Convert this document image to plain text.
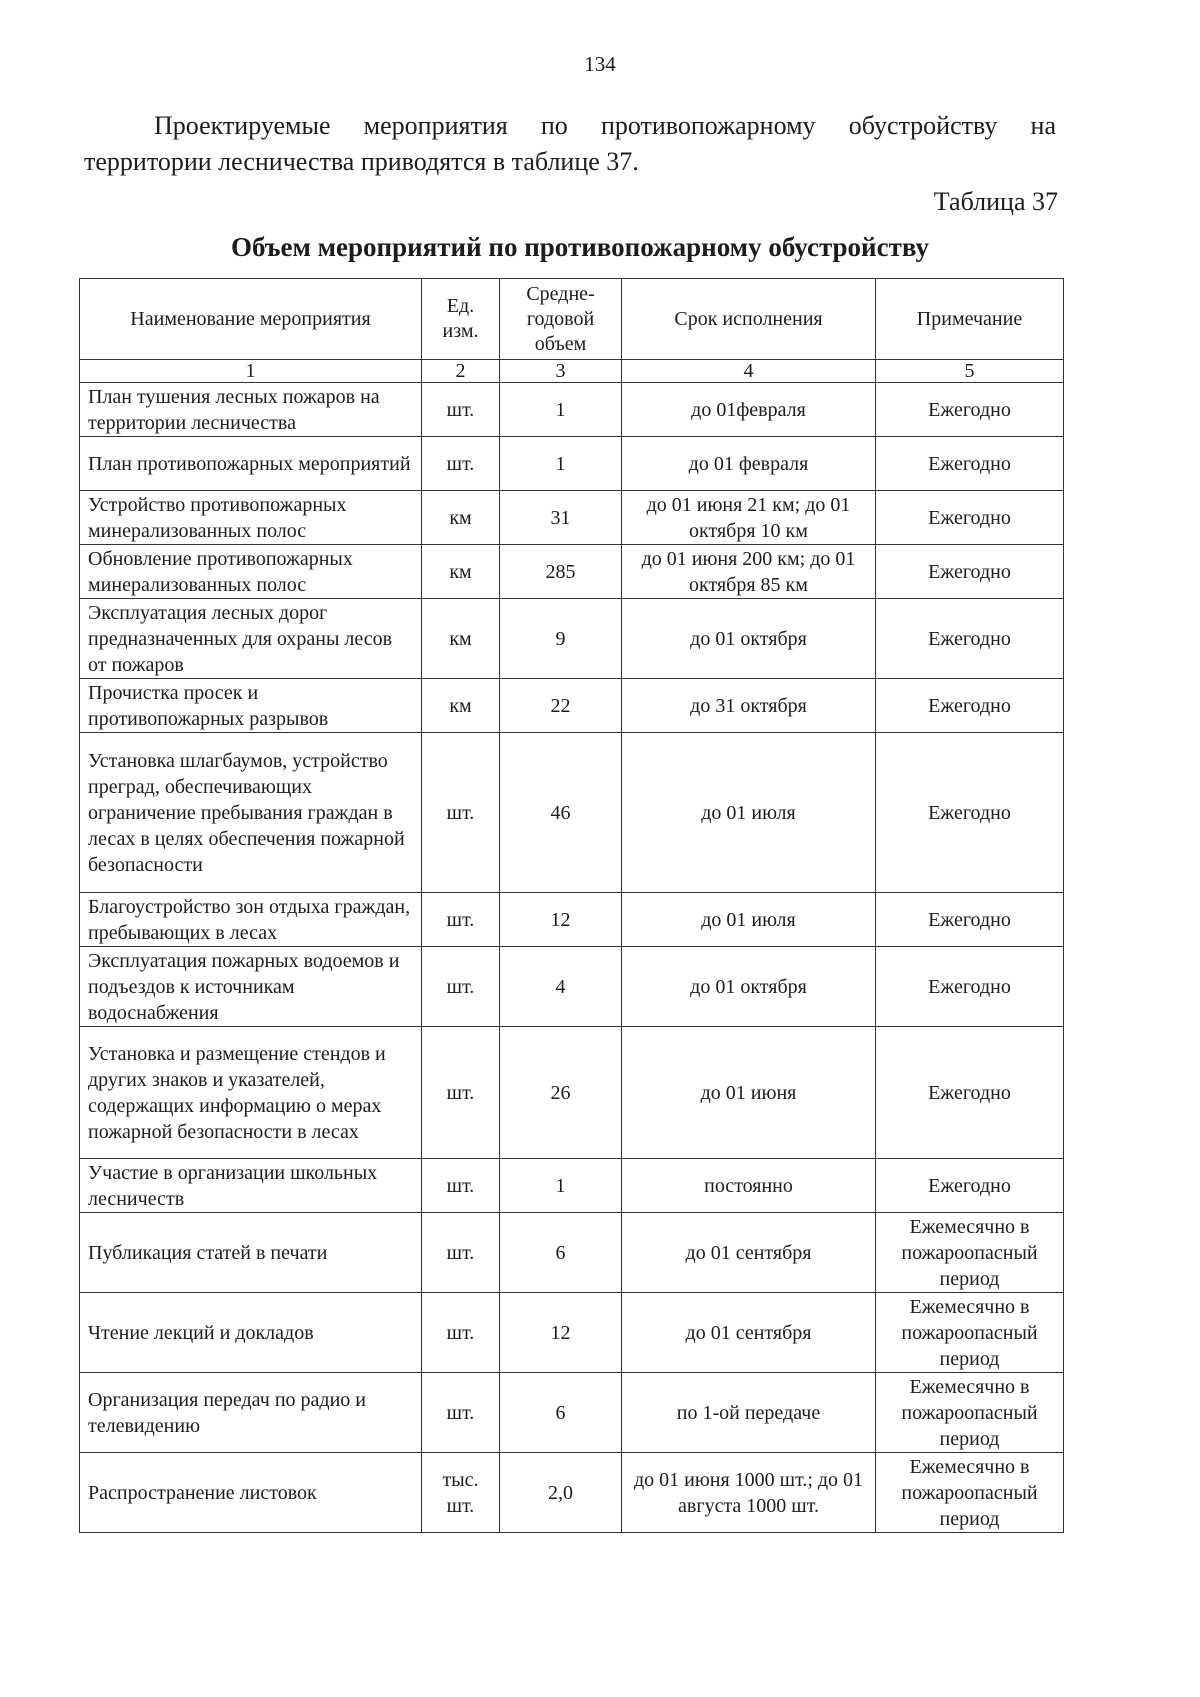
134

Проектируемые мероприятия по противопожарному обустройству на территории лесничества приводятся в таблице 37.

Таблица 37
Объем мероприятий по противопожарному обустройству
Наименование мероприятия	Ед. изм.	Средне-годовой объем	Срок исполнения	Примечание
1	2	3	4	5
План тушения лесных пожаров на территории лесничества	шт.	1	до 01февраля	Ежегодно
План противопожарных мероприятий	шт.	1	до 01 февраля	Ежегодно
Устройство противопожарных минерализованных полос	км	31	до 01 июня 21 км; до 01 октября 10 км	Ежегодно
Обновление противопожарных минерализованных полос	км	285	до 01 июня 200 км; до 01 октября 85 км	Ежегодно
Эксплуатация лесных дорог предназначенных для охраны лесов от пожаров	км	9	до 01 октября	Ежегодно
Прочистка просек и противопожарных разрывов	км	22	до 31 октября	Ежегодно
Установка шлагбаумов, устройство преград, обеспечивающих ограничение пребывания граждан в лесах в целях обеспечения пожарной безопасности	шт.	46	до 01 июля	Ежегодно
Благоустройство зон отдыха граждан, пребывающих в лесах	шт.	12	до 01 июля	Ежегодно
Эксплуатация пожарных водоемов и подъездов к источникам водоснабжения	шт.	4	до 01 октября	Ежегодно
Установка и размещение стендов и других знаков и указателей, содержащих информацию о мерах пожарной безопасности в лесах	шт.	26	до 01 июня	Ежегодно
Участие в организации школьных лесничеств	шт.	1	постоянно	Ежегодно
Публикация статей в печати	шт.	6	до 01 сентября	Ежемесячно в пожароопасный период
Чтение лекций и докладов	шт.	12	до 01 сентября	Ежемесячно в пожароопасный период
Организация передач по радио и телевидению	шт.	6	по 1-ой передаче	Ежемесячно в пожароопасный период
Распространение листовок	тыс. шт.	2,0	до 01 июня 1000 шт.; до 01 августа 1000 шт.	Ежемесячно в пожароопасный период
